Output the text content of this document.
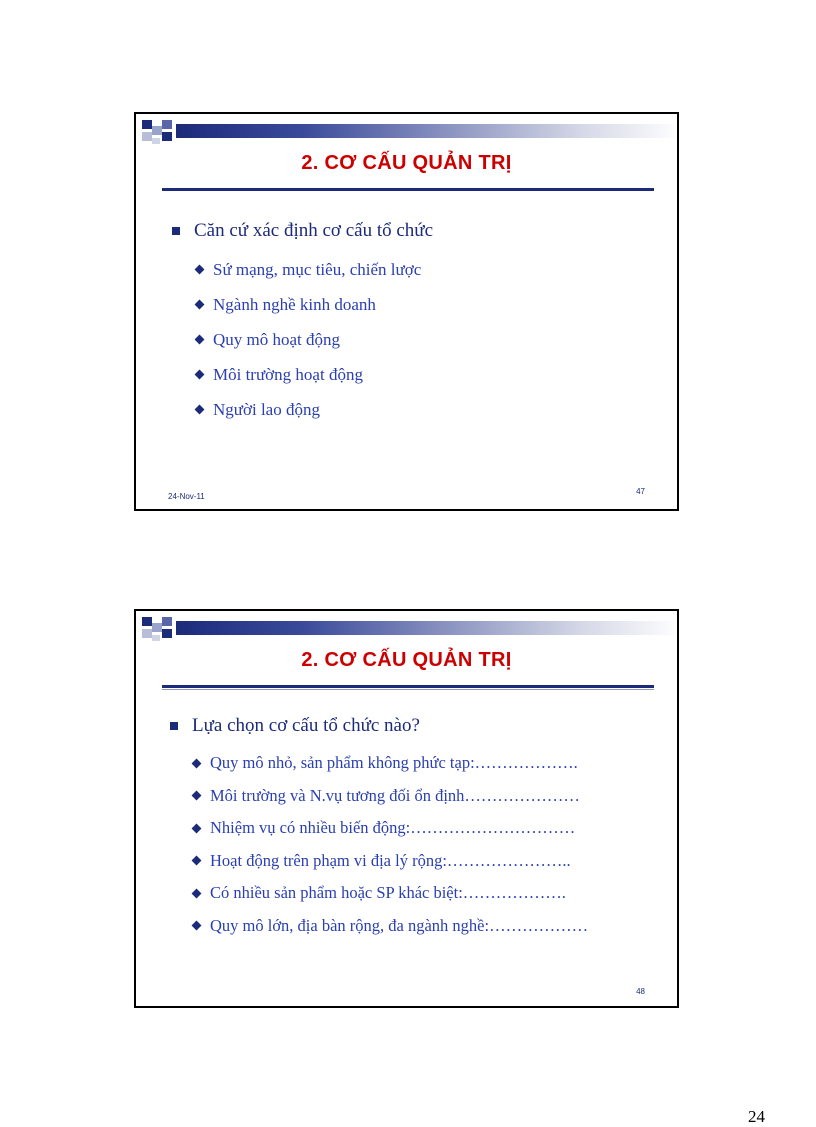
2. CƠ CẤU QUẢN TRỊ
Căn cứ xác định cơ cấu tổ chức
Sứ mạng, mục tiêu, chiến lược
Ngành nghề kinh doanh
Quy mô hoạt động
Môi trường hoạt động
Người lao động
24-Nov-11
47
2. CƠ CẤU QUẢN TRỊ
Lựa chọn cơ cấu tổ chức nào?
Quy mô nhỏ, sản phẩm không phức tạp:……………….
Môi trường và N.vụ tương đối ổn định…………………
Nhiệm vụ có nhiều biến động:…………………………
Hoạt động trên phạm vi địa lý rộng:…………………..
Có nhiều sản phẩm hoặc SP khác biệt:……………….
Quy mô lớn, địa bàn rộng, đa ngành nghề:………………
48
24
